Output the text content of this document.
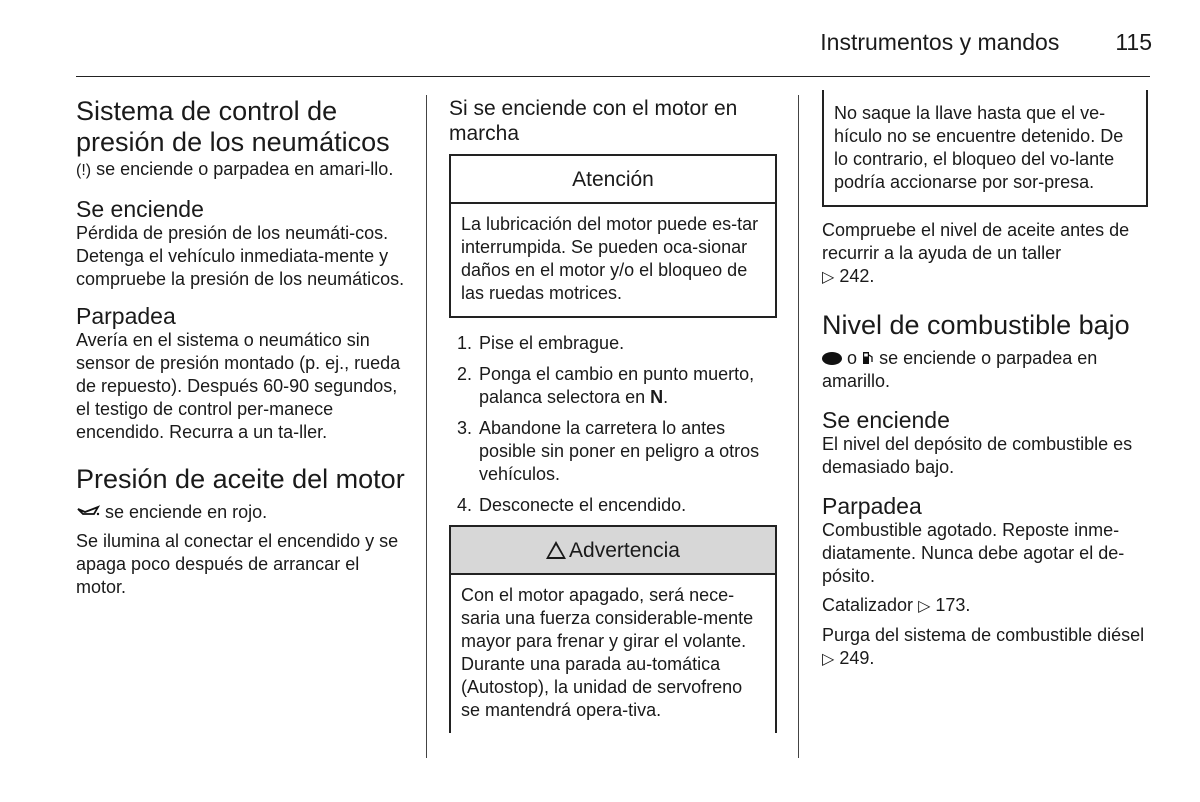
Instrumentos y mandos 115
Sistema de control de presión de los neumáticos

(!) se enciende o parpadea en amari-llo.

Se enciende

Pérdida de presión de los neumáti-cos. Detenga el vehículo inmediata-mente y compruebe la presión de los neumáticos.

Parpadea

Avería en el sistema o neumático sin sensor de presión montado (p. ej., rueda de repuesto). Después 60-90 segundos, el testigo de control per-manece encendido. Recurra a un ta-ller.

Presión de aceite del motor

se enciende en rojo.

Se ilumina al conectar el encendido y se apaga poco después de arrancar el motor.

Si se enciende con el motor en marcha
Atención
La lubricación del motor puede es-tar interrumpida. Se pueden oca-sionar daños en el motor y/o el bloqueo de las ruedas motrices.
1. Pise el embrague.
2. Ponga el cambio en punto muerto, palanca selectora en N.
3. Abandone la carretera lo antes posible sin poner en peligro a otros vehículos.
4. Desconecte el encendido.
Advertencia
Con el motor apagado, será nece-saria una fuerza considerable-mente mayor para frenar y girar el volante. Durante una parada au-tomática (Autostop), la unidad de servofreno se mantendrá opera-tiva.
No saque la llave hasta que el ve-hículo no se encuentre detenido. De lo contrario, el bloqueo del vo-lante podría accionarse por sor-presa.

Compruebe el nivel de aceite antes de recurrir a la ayuda de un taller
▷ 242.

Nivel de combustible bajo

o se enciende o parpadea en amarillo.

Se enciende

El nivel del depósito de combustible es demasiado bajo.

Parpadea

Combustible agotado. Reposte inme-diatamente. Nunca debe agotar el de-pósito.

Catalizador ▷ 173.

Purga del sistema de combustible diésel ▷ 249.
